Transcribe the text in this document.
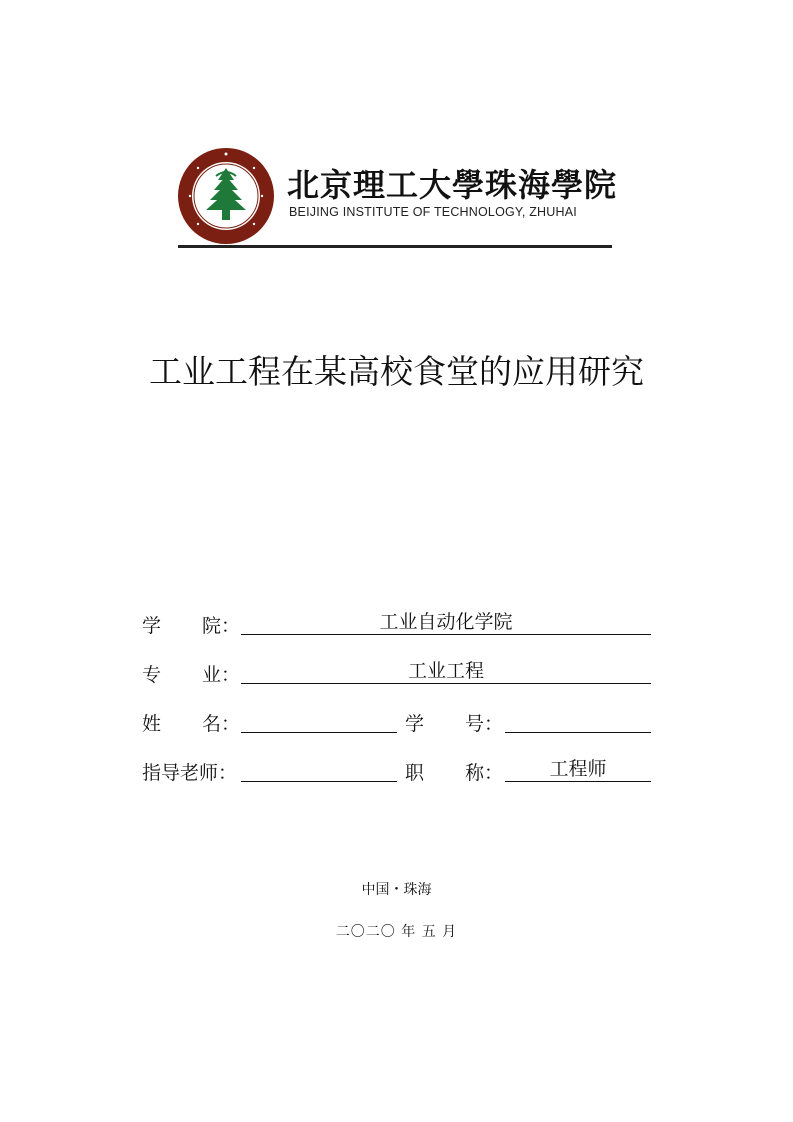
北京理工大學珠海學院
BEIJING INSTITUTE OF TECHNOLOGY, ZHUHAI
工业工程在某高校食堂的应用研究
学 院：	工业自动化学院
专 业：	工业工程
姓 名：	学 号：
指导老师：	职 称：	工程师
中国・珠海
二〇二〇 年 五 月
